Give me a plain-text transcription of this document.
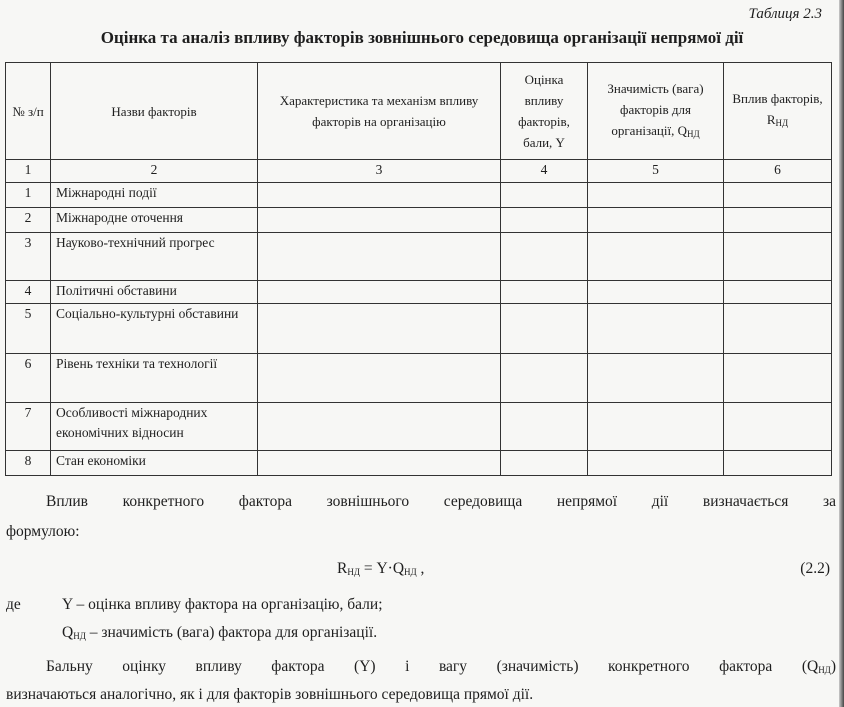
Таблиця 2.3
Оцінка та аналіз впливу факторів зовнішнього середовища організації непрямої дії
№ з/п	Назви факторів	Характеристика та механізм впливу факторів на організацію	Оцінка впливу факторів, бали, Y	Значимість (вага) факторів для організації, $Q_{НД}$	Вплив факторів, $R_{НД}$
1	2	3	4	5	6
1	Міжнародні події				
2	Міжнародне оточення				
3	Науково-технічний прогрес				
4	Політичні обставини				
5	Соціально-культурні обставини				
6	Рівень техніки та технології				
7	Особливості міжнародних економічних відносин				
8	Стан економіки				
Вплив конкретного фактора зовнішнього середовища непрямої дії визначається за
формулою:
$R_{НД} = Y\cdot Q_{НД}$ ,	(2.2)
де	Y – оцінка впливу фактора на організацію, бали;
$Q_{НД}$ – значимість (вага) фактора для організації.
Бальну оцінку впливу фактора (Y) і вагу (значимість) конкретного фактора $(Q_{НД})$
визначаються аналогічно, як і для факторів зовнішнього середовища прямої дії.
